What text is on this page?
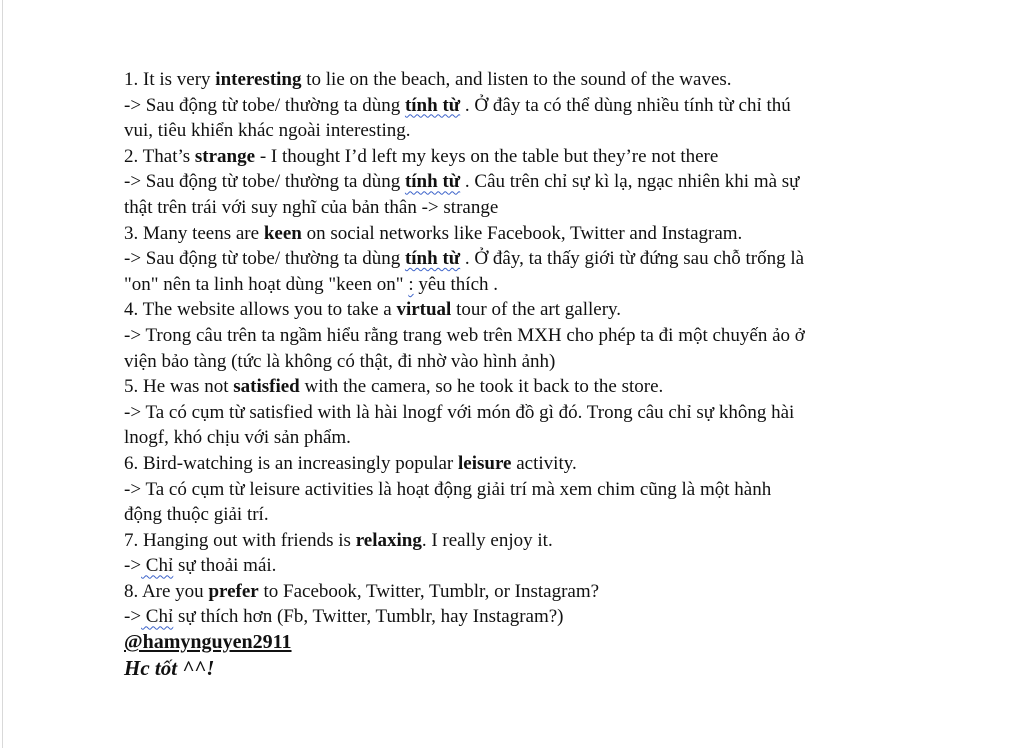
1. It is very interesting to lie on the beach, and listen to the sound of the waves.

-> Sau động từ tobe/ thường ta dùng tính từ . Ở đây ta có thể dùng nhiều tính từ chỉ thú

vui, tiêu khiển khác ngoài interesting.

2. That’s strange - I thought I’d left my keys on the table but they’re not there

-> Sau động từ tobe/ thường ta dùng tính từ . Câu trên chỉ sự kì lạ, ngạc nhiên khi mà sự

thật trên trái với suy nghĩ của bản thân -> strange

3. Many teens are keen on social networks like Facebook, Twitter and Instagram.

-> Sau động từ tobe/ thường ta dùng tính từ . Ở đây, ta thấy giới từ đứng sau chỗ trống là

"on" nên ta linh hoạt dùng "keen on" : yêu thích .

4. The website allows you to take a virtual tour of the art gallery.

-> Trong câu trên ta ngầm hiểu rằng trang web trên MXH cho phép ta đi một chuyến ảo ở

viện bảo tàng (tức là không có thật, đi nhờ vào hình ảnh)

5. He was not satisfied with the camera, so he took it back to the store.

-> Ta có cụm từ satisfied with là hài lnogf với món đồ gì đó. Trong câu chỉ sự không hài

lnogf, khó chịu với sản phẩm.

6. Bird-watching is an increasingly popular leisure activity.

-> Ta có cụm từ leisure activities là hoạt động giải trí mà xem chim cũng là một hành

động thuộc giải trí.

7. Hanging out with friends is relaxing. I really enjoy it.

-> Chỉ sự thoải mái.

8. Are you prefer to Facebook, Twitter, Tumblr, or Instagram?

-> Chỉ sự thích hơn (Fb, Twitter, Tumblr, hay Instagram?)

@hamynguyen2911

Hc tốt ^^!
